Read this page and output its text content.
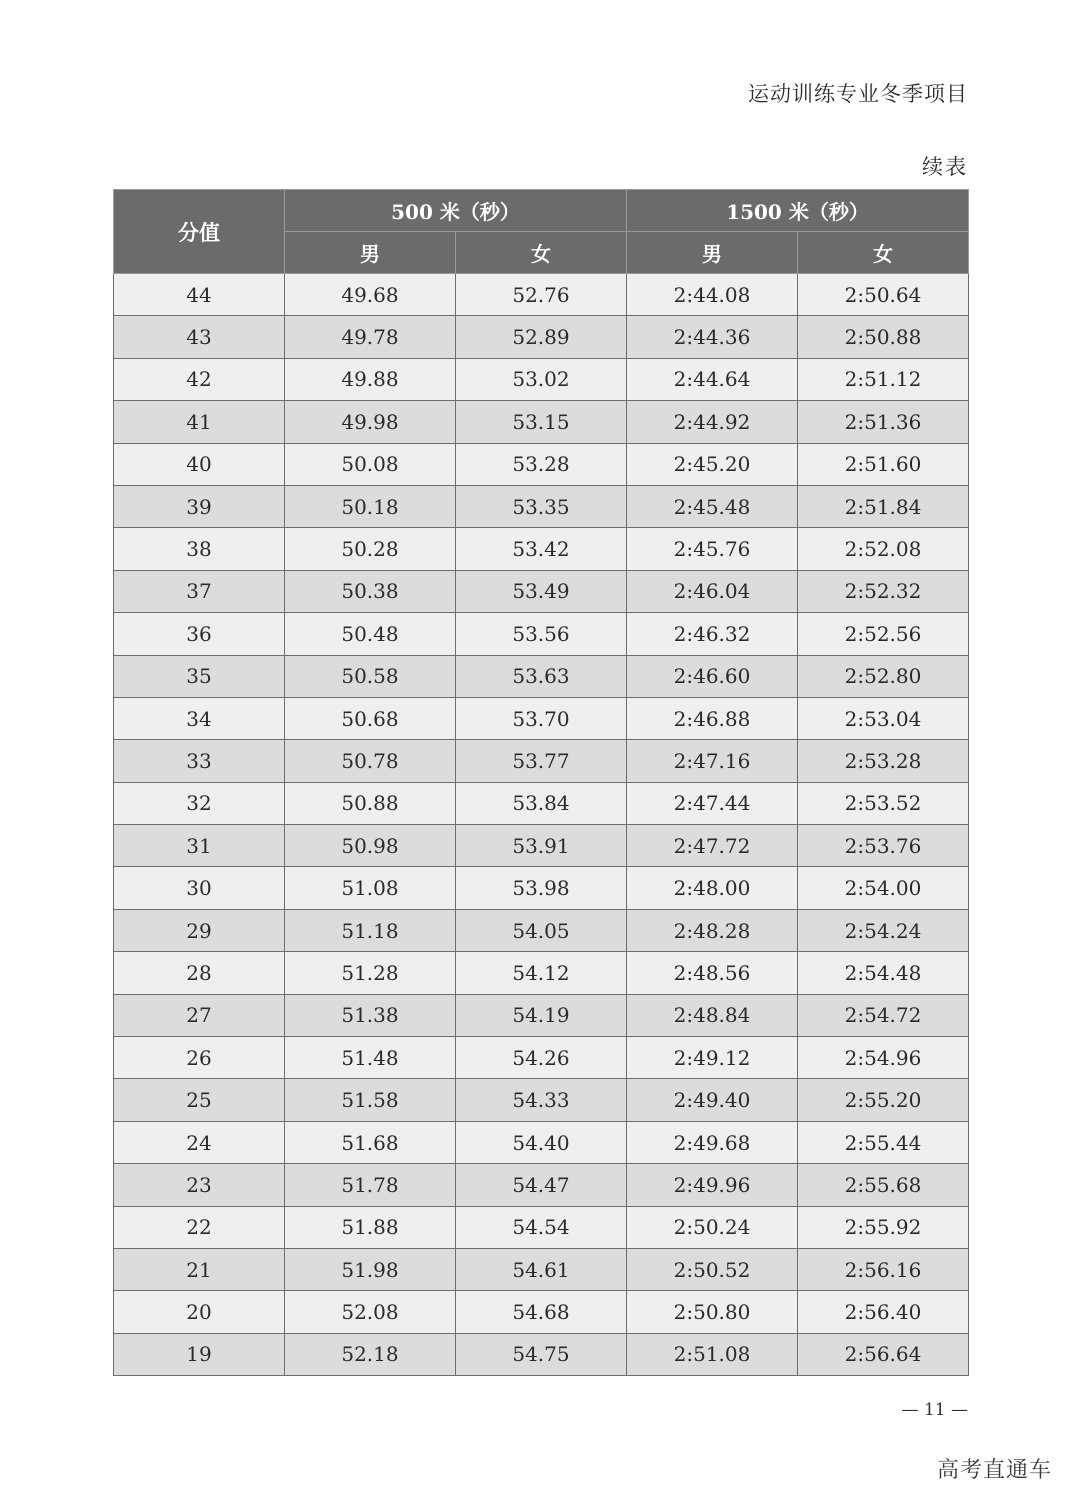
运动训练专业冬季项目
续表
分值	500 米（秒）		1500 米（秒）	
	男	女	男	女
44	49.68	52.76	2:44.08	2:50.64
43	49.78	52.89	2:44.36	2:50.88
42	49.88	53.02	2:44.64	2:51.12
41	49.98	53.15	2:44.92	2:51.36
40	50.08	53.28	2:45.20	2:51.60
39	50.18	53.35	2:45.48	2:51.84
38	50.28	53.42	2:45.76	2:52.08
37	50.38	53.49	2:46.04	2:52.32
36	50.48	53.56	2:46.32	2:52.56
35	50.58	53.63	2:46.60	2:52.80
34	50.68	53.70	2:46.88	2:53.04
33	50.78	53.77	2:47.16	2:53.28
32	50.88	53.84	2:47.44	2:53.52
31	50.98	53.91	2:47.72	2:53.76
30	51.08	53.98	2:48.00	2:54.00
29	51.18	54.05	2:48.28	2:54.24
28	51.28	54.12	2:48.56	2:54.48
27	51.38	54.19	2:48.84	2:54.72
26	51.48	54.26	2:49.12	2:54.96
25	51.58	54.33	2:49.40	2:55.20
24	51.68	54.40	2:49.68	2:55.44
23	51.78	54.47	2:49.96	2:55.68
22	51.88	54.54	2:50.24	2:55.92
21	51.98	54.61	2:50.52	2:56.16
20	52.08	54.68	2:50.80	2:56.40
19	52.18	54.75	2:51.08	2:56.64
— 11 —
高考直通车
